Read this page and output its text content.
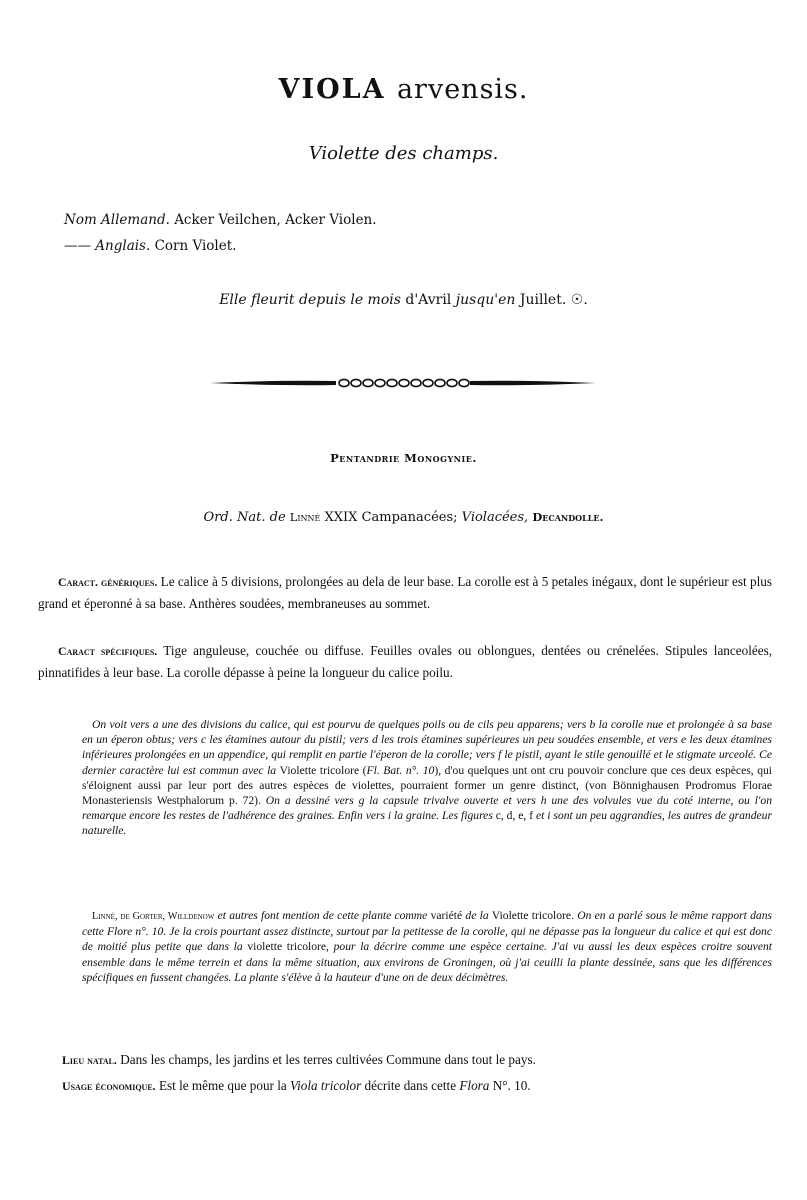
VIOLA arvensis.
Violette des champs.
Nom Allemand. Acker Veilchen, Acker Violen.
—— Anglais. Corn Violet.
Elle fleurit depuis le mois d'Avril jusqu'en Juillet. ☉.
Pentandrie Monogynie.
Ord. Nat. de Linné XXIX Campanacées; Violacées, Decandolle.
Caract. génériques. Le calice à 5 divisions, prolongées au dela de leur base. La corolle est à 5 petales inégaux, dont le supérieur est plus grand et éperonné à sa base. Anthères soudées, membraneuses au sommet.
Caract spécifiques. Tige anguleuse, couchée ou diffuse. Feuilles ovales ou oblongues, dentées ou crénelées. Stipules lanceolées, pinnatifides à leur base. La corolle dépasse à peine la longueur du calice poilu.
On voit vers a une des divisions du calice, qui est pourvu de quelques poils ou de cils peu apparens; vers b la corolle nue et prolongée à sa base en un éperon obtus; vers c les étamines autour du pistil; vers d les trois étamines supérieures un peu soudées ensemble, et vers e les deux étamines inférieures prolongées en un appendice, qui remplit en partie l'éperon de la corolle; vers f le pistil, ayant le stile genouillé et le stigmate urceolé. Ce dernier caractère lui est commun avec la Violette tricolore (Fl. Bat. n°. 10), d'ou quelques unt ont cru pouvoir conclure que ces deux espèces, qui s'éloignent aussi par leur port des autres espèces de violettes, pourraient former un genre distinct, (von Bönnighausen Prodromus Florae Monasteriensis Westphalorum p. 72). On a dessiné vers g la capsule trivalve ouverte et vers h une des volvules vue du coté interne, ou l'on remarque encore les restes de l'adhérence des graines. Enfin vers i la graine. Les figures c, d, e, f et i sont un peu aggrandies, les autres de grandeur naturelle.
Linné, de Gorter, Willdenow et autres font mention de cette plante comme variété de la Violette tricolore. On en a parlé sous le même rapport dans cette Flore n°. 10. Je la crois pourtant assez distincte, surtout par la petitesse de la corolle, qui ne dépasse pas la longueur du calice et qui est donc de moitié plus petite que dans la violette tricolore, pour la décrire comme une espèce certaine. J'ai vu aussi les deux espèces croitre souvent ensemble dans le même terrein et dans la même situation, aux environs de Groningen, où j'ai ceuilli la plante dessinée, sans que les différences spécifiques en fussent changées. La plante s'élève à la hauteur d'une on de deux décimètres.
Lieu natal. Dans les champs, les jardins et les terres cultivées Commune dans tout le pays.
Usage économique. Est le même que pour la Viola tricolor décrite dans cette Flora N°. 10.
